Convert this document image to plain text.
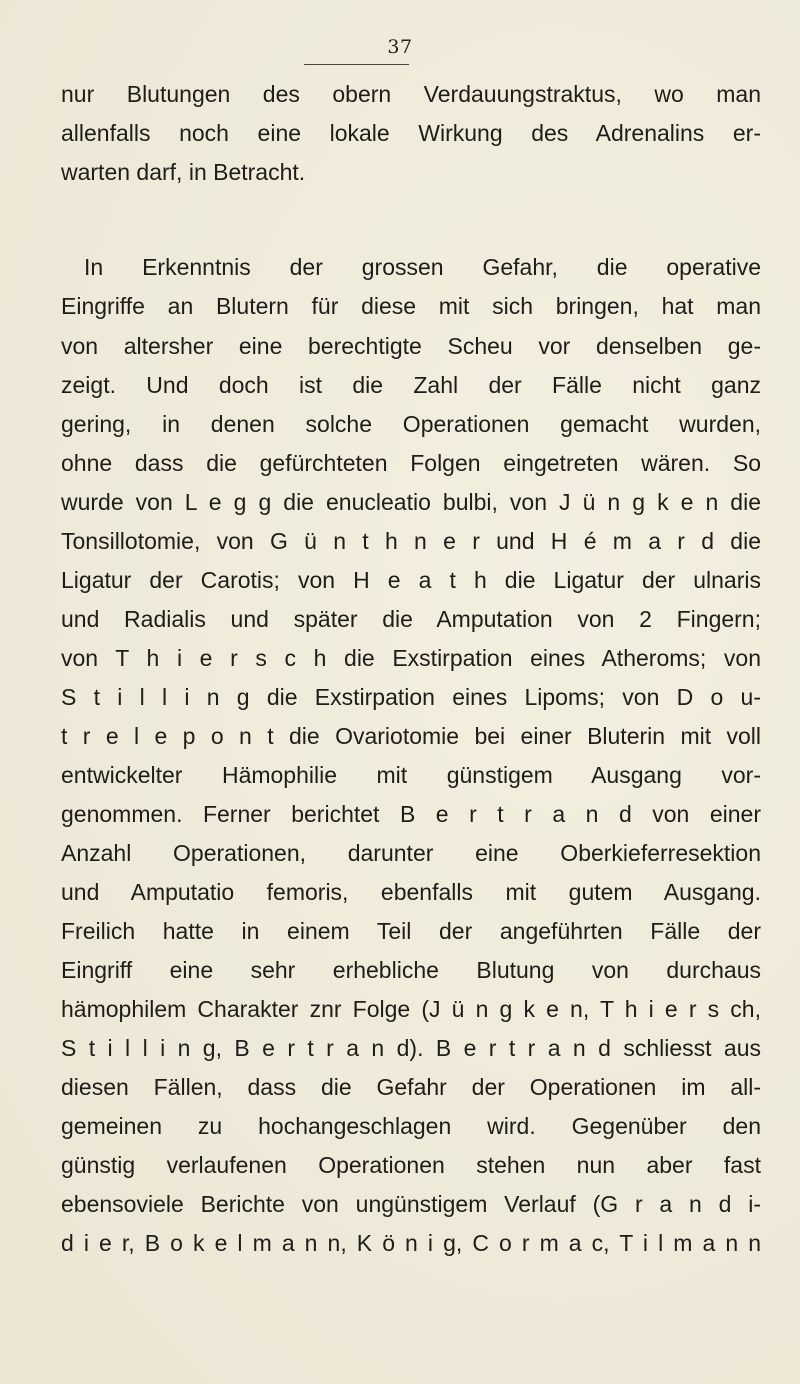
37
nur Blutungen des obern Verdauungstraktus, wo man
allenfalls noch eine lokale Wirkung des Adrenalins er-
warten darf, in Betracht.
In Erkenntnis der grossen Gefahr, die operative
Eingriffe an Blutern für diese mit sich bringen, hat man
von altersher eine berechtigte Scheu vor denselben ge-
zeigt. Und doch ist die Zahl der Fälle nicht ganz
gering, in denen solche Operationen gemacht wurden,
ohne dass die gefürchteten Folgen eingetreten wären. So
wurde von L e g g die enucleatio bulbi, von J ü n g k e n die
Tonsillotomie, von G ü n t h n e r und H é m a r d die
Ligatur der Carotis; von H e a t h die Ligatur der ulnaris
und Radialis und später die Amputation von 2 Fingern;
von T h i e r s c h die Exstirpation eines Atheroms; von
S t i l l i n g die Exstirpation eines Lipoms; von D o u-
t r e l e p o n t die Ovariotomie bei einer Bluterin mit voll
entwickelter Hämophilie mit günstigem Ausgang vor-
genommen. Ferner berichtet B e r t r a n d von einer
Anzahl Operationen, darunter eine Oberkieferresektion
und Amputatio femoris, ebenfalls mit gutem Ausgang.
Freilich hatte in einem Teil der angeführten Fälle der
Eingriff eine sehr erhebliche Blutung von durchaus
hämophilem Charakter znr Folge (J ü n g k e n, T h i e r s ch,
S t i l l i n g, B e r t r a n d). B e r t r a n d schliesst aus
diesen Fällen, dass die Gefahr der Operationen im all-
gemeinen zu hochangeschlagen wird. Gegenüber den
günstig verlaufenen Operationen stehen nun aber fast
ebensoviele Berichte von ungünstigem Verlauf (G r a n d i-
d i e r, B o k e l m a n n, K ö n i g, C o r m a c, T i l m a n n
